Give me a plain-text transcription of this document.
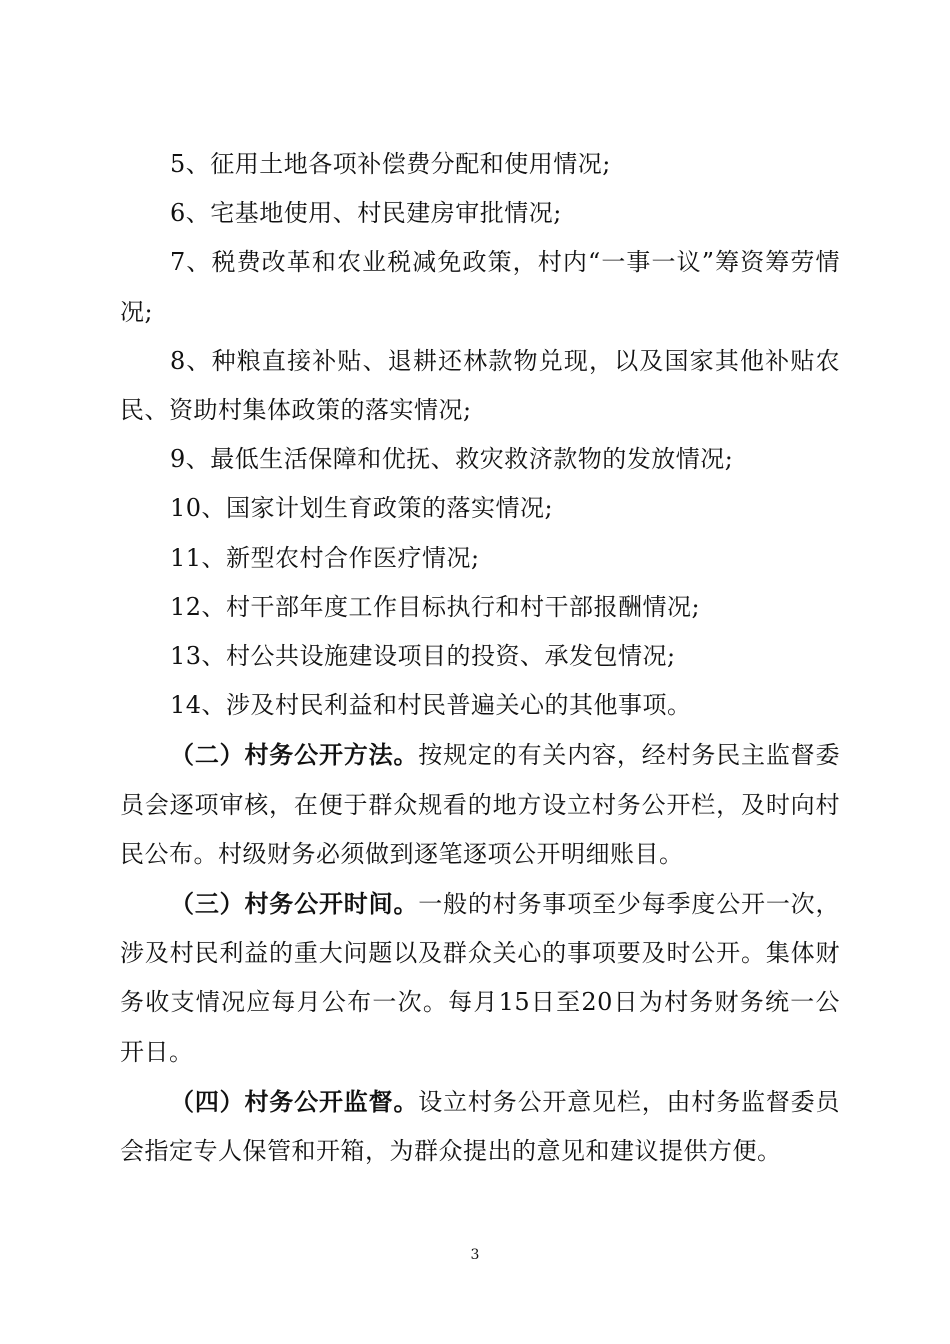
5、征用土地各项补偿费分配和使用情况;

6、宅基地使用、村民建房审批情况;

7、税费改革和农业税减免政策，村内“一事一议”筹资筹劳情况;

8、种粮直接补贴、退耕还林款物兑现，以及国家其他补贴农民、资助村集体政策的落实情况;

9、最低生活保障和优抚、救灾救济款物的发放情况;

10、国家计划生育政策的落实情况;

11、新型农村合作医疗情况;

12、村干部年度工作目标执行和村干部报酬情况;

13、村公共设施建设项目的投资、承发包情况;

14、涉及村民利益和村民普遍关心的其他事项。

（二）村务公开方法。按规定的有关内容，经村务民主监督委员会逐项审核，在便于群众规看的地方设立村务公开栏，及时向村民公布。村级财务必须做到逐笔逐项公开明细账目。

（三）村务公开时间。一般的村务事项至少每季度公开一次，涉及村民利益的重大问题以及群众关心的事项要及时公开。集体财务收支情况应每月公布一次。每月15日至20日为村务财务统一公开日。

（四）村务公开监督。设立村务公开意见栏，由村务监督委员会指定专人保管和开箱，为群众提出的意见和建议提供方便。

3
